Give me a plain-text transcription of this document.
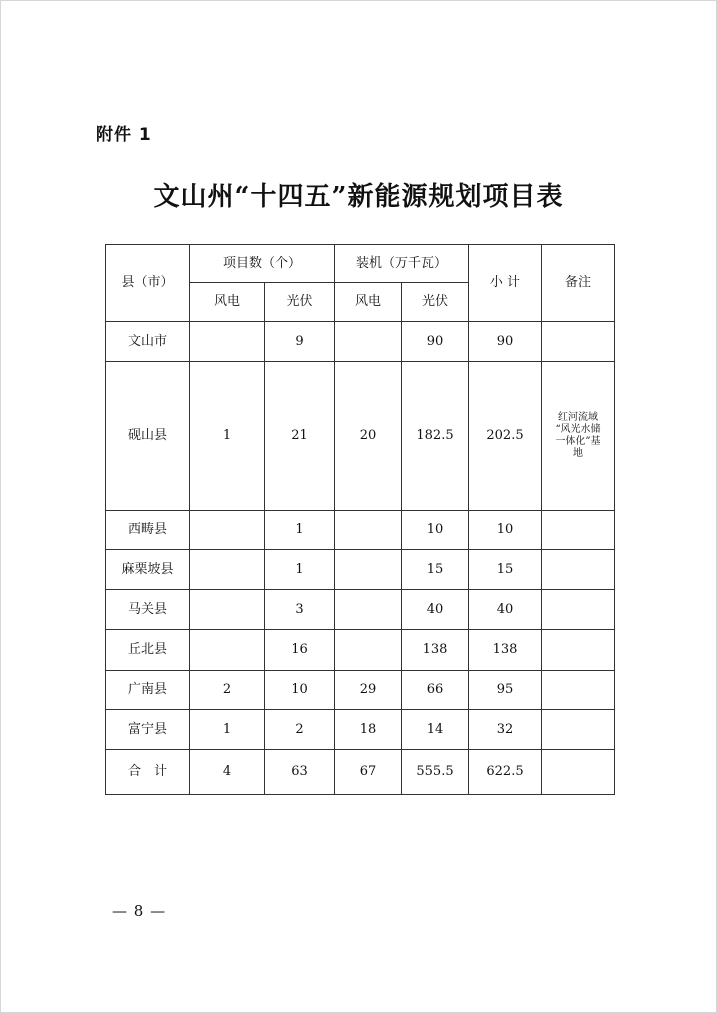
附件 1
文山州“十四五”新能源规划项目表
县（市）	项目数（个）		装机（万千瓦）		小 计	备注
	风电	光伏	风电	光伏		
文山市		9		90	90	
砚山县	1	21	20	182.5	202.5	红河流域
“风光水储
一体化”基
地

西畴县		1		10	10	
麻栗坡县		1		15	15	
马关县		3		40	40	
丘北县		16		138	138	
广南县	2	10	29	66	95	
富宁县	1	2	18	14	32	
合　计	4	63	67	555.5	622.5	
— 8 —
